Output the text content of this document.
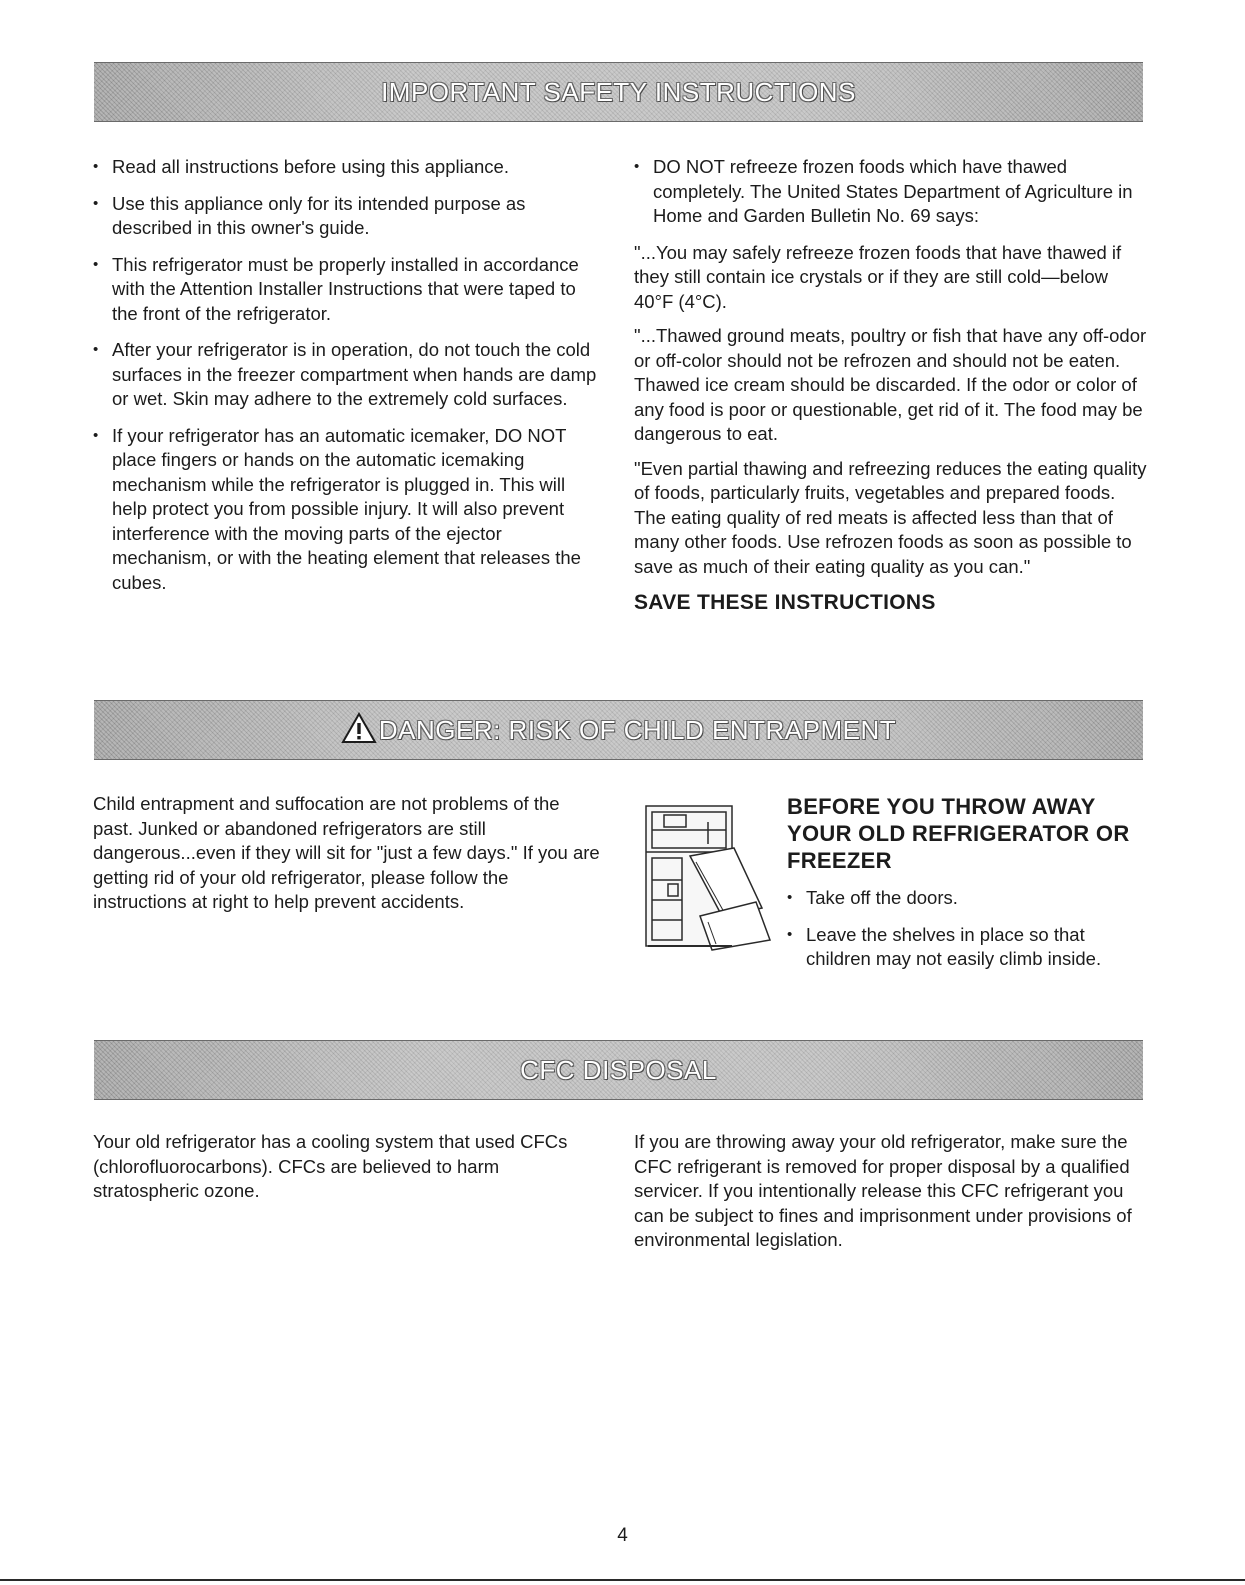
IMPORTANT SAFETY INSTRUCTIONS
• Read all instructions before using this appliance.
• Use this appliance only for its intended purpose as described in this owner's guide.
• This refrigerator must be properly installed in accordance with the Attention Installer Instructions that were taped to the front of the refrigerator.
• After your refrigerator is in operation, do not touch the cold surfaces in the freezer compartment when hands are damp or wet. Skin may adhere to the extremely cold surfaces.
• If your refrigerator has an automatic icemaker, DO NOT place fingers or hands on the automatic icemaking mechanism while the refrigerator is plugged in. This will help protect you from possible injury. It will also prevent interference with the moving parts of the ejector mechanism, or with the heating element that releases the cubes.
• DO NOT refreeze frozen foods which have thawed completely. The United States Department of Agriculture in Home and Garden Bulletin No. 69 says:

"...You may safely refreeze frozen foods that have thawed if they still contain ice crystals or if they are still cold—below 40°F (4°C).

"...Thawed ground meats, poultry or fish that have any off-odor or off-color should not be refrozen and should not be eaten. Thawed ice cream should be discarded. If the odor or color of any food is poor or questionable, get rid of it. The food may be dangerous to eat.

"Even partial thawing and refreezing reduces the eating quality of foods, particularly fruits, vegetables and prepared foods. The eating quality of red meats is affected less than that of many other foods. Use refrozen foods as soon as possible to save as much of their eating quality as you can."

SAVE THESE INSTRUCTIONS
DANGER: RISK OF CHILD ENTRAPMENT

Child entrapment and suffocation are not problems of the past. Junked or abandoned refrigerators are still dangerous...even if they will sit for "just a few days." If you are getting rid of your old refrigerator, please follow the instructions at right to help prevent accidents.

BEFORE YOU THROW AWAY YOUR OLD REFRIGERATOR OR FREEZER
• Take off the doors.
• Leave the shelves in place so that children may not easily climb inside.
CFC DISPOSAL

Your old refrigerator has a cooling system that used CFCs (chlorofluorocarbons). CFCs are believed to harm stratospheric ozone.

If you are throwing away your old refrigerator, make sure the CFC refrigerant is removed for proper disposal by a qualified servicer. If you intentionally release this CFC refrigerant you can be subject to fines and imprisonment under provisions of environmental legislation.

4
